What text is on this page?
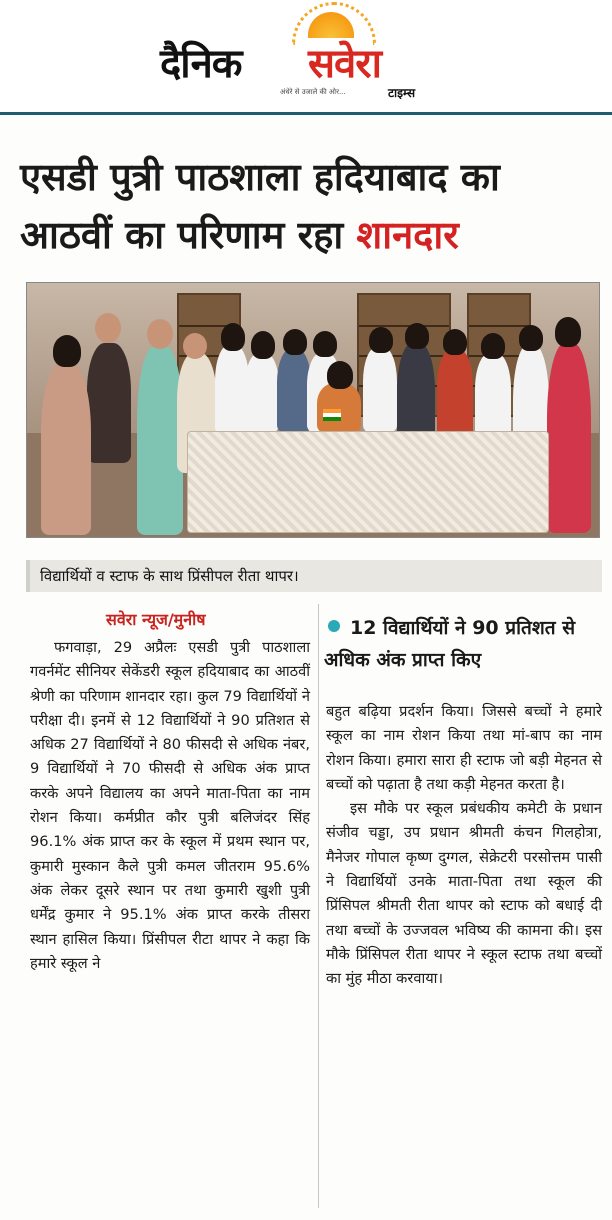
दैनिक सवेरा
अंधेरे से उजाले की ओर...	टाइम्स
एसडी पुत्री पाठशाला हदियाबाद का
आठवीं का परिणाम रहा शानदार
विद्यार्थियों व स्टाफ के साथ प्रिंसीपल रीता थापर।
सवेरा न्यूज/मुनीष

फगवाड़ा, 29 अप्रैलः एसडी पुत्री पाठशाला गवर्नमेंट सीनियर सेकेंडरी स्कूल हदियाबाद का आठवीं श्रेणी का परिणाम शानदार रहा। कुल 79 विद्यार्थियों ने परीक्षा दी। इनमें से 12 विद्यार्थियों ने 90 प्रतिशत से अधिक 27 विद्यार्थियों ने 80 फीसदी से अधिक नंबर, 9 विद्यार्थियों ने 70 फीसदी से अधिक अंक प्राप्त करके अपने विद्यालय का अपने माता-पिता का नाम रोशन किया। कर्मप्रीत कौर पुत्री बलिजंदर सिंह 96.1% अंक प्राप्त कर के स्कूल में प्रथम स्थान पर, कुमारी मुस्कान कैले पुत्री कमल जीतराम 95.6% अंक लेकर दूसरे स्थान पर तथा कुमारी खुशी पुत्री धर्मेंद्र कुमार ने 95.1% अंक प्राप्त करके तीसरा स्थान हासिल किया। प्रिंसीपल रीटा थापर ने कहा कि हमारे स्कूल ने

12 विद्यार्थियों ने 90 प्रतिशत से अधिक अंक प्राप्त किए

बहुत बढ़िया प्रदर्शन किया। जिससे बच्चों ने हमारे स्कूल का नाम रोशन किया तथा मां-बाप का नाम रोशन किया। हमारा सारा ही स्टाफ जो बड़ी मेहनत से बच्चों को पढ़ाता है तथा कड़ी मेहनत करता है।

इस मौके पर स्कूल प्रबंधकीय कमेटी के प्रधान संजीव चड्डा, उप प्रधान श्रीमती कंचन गिलहोत्रा, मैनेजर गोपाल कृष्ण दुग्गल, सेक्रेटरी परसोत्तम पासी ने विद्यार्थियों उनके माता-पिता तथा स्कूल की प्रिंसिपल श्रीमती रीता थापर को स्टाफ को बधाई दी तथा बच्चों के उज्जवल भविष्य की कामना की। इस मौके प्रिंसिपल रीता थापर ने स्कूल स्टाफ तथा बच्चों का मुंह मीठा करवाया।
